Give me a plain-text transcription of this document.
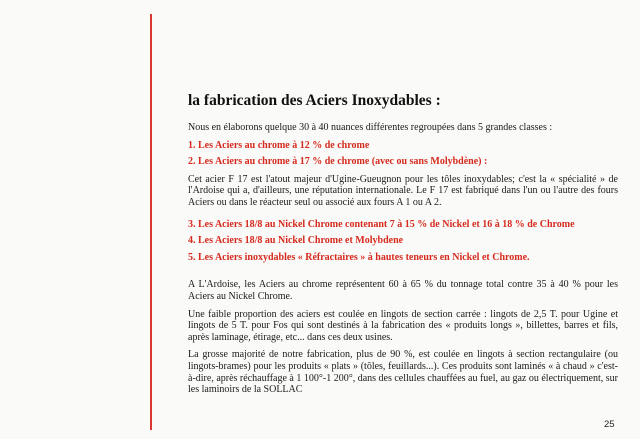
la fabrication des Aciers Inoxydables :

Nous en élaborons quelque 30 à 40 nuances différentes regroupées dans 5 grandes classes :

1. Les Aciers au chrome à 12 % de chrome

2. Les Aciers au chrome à 17 % de chrome (avec ou sans Molybdène) :

Cet acier F 17 est l'atout majeur d'Ugine-Gueugnon pour les tôles inoxydables; c'est la « spécialité » de l'Ardoise qui a, d'ailleurs, une réputation internationale. Le F 17 est fabriqué dans l'un ou l'autre des fours Aciers ou dans le réacteur seul ou associé aux fours A 1 ou A 2.

3. Les Aciers 18/8 au Nickel Chrome contenant 7 à 15 % de Nickel et 16 à 18 % de Chrome

4. Les Aciers 18/8 au Nickel Chrome et Molybdene

5. Les Aciers inoxydables « Réfractaires » à hautes teneurs en Nickel et Chrome.

A L'Ardoise, les Aciers au chrome représentent 60 à 65 % du tonnage total contre 35 à 40 % pour les Aciers au Nickel Chrome.

Une faible proportion des aciers est coulée en lingots de section carrée : lingots de 2,5 T. pour Ugine et lingots de 5 T. pour Fos qui sont destinés à la fabrication des « produits longs », billettes, barres et fils, après laminage, étirage, etc... dans ces deux usines.

La grosse majorité de notre fabrication, plus de 90 %, est coulée en lingots à section rectangulaire (ou lingots-brames) pour les produits « plats » (tôles, feuillards...). Ces produits sont laminés « à chaud » c'est-à-dire, après réchauffage à 1 100°-1 200°, dans des cellules chauffées au fuel, au gaz ou électriquement, sur les laminoirs de la SOLLAC

25
